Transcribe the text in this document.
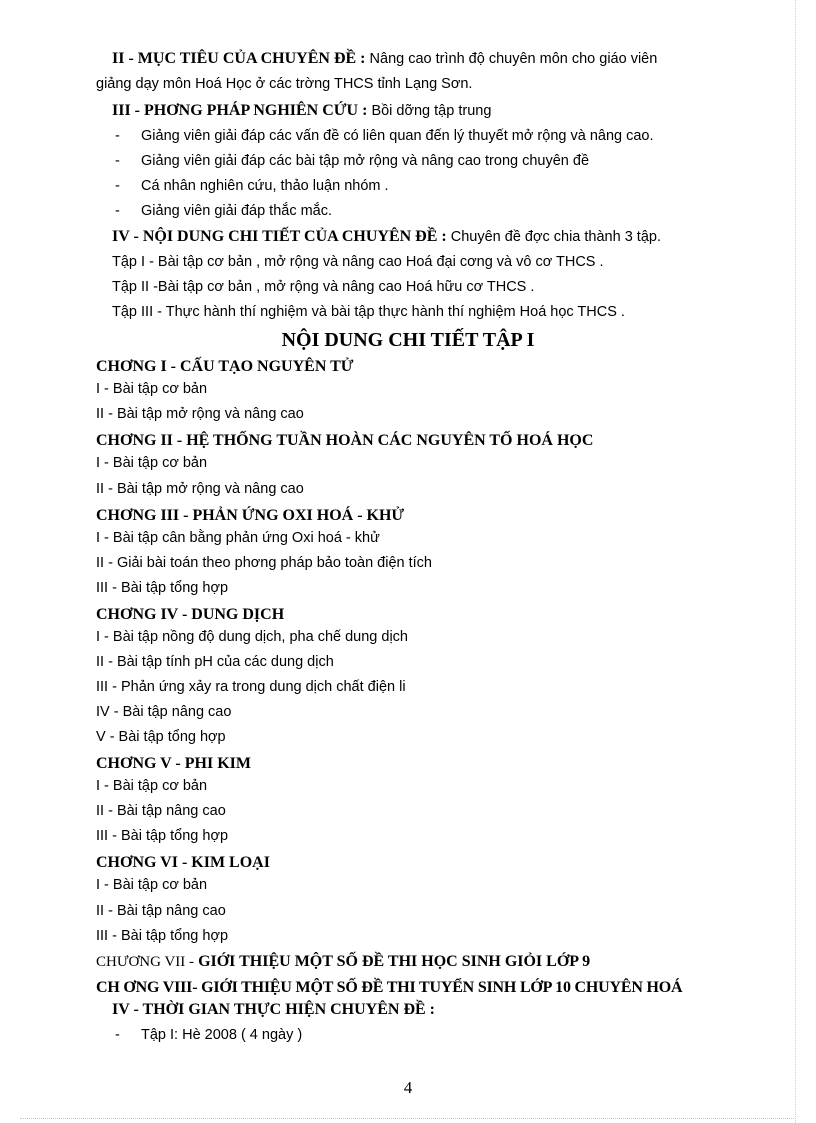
II - MỤC TIÊU CỦA CHUYÊN ĐỀ : Nâng cao trình độ chuyên môn cho giáo viên
giảng dạy môn Hoá Học ở các trờng THCS tỉnh Lạng Sơn.
III - PHƠNG PHÁP NGHIÊN CỨU : Bồi dỡng tập trung
- Giảng viên giải đáp các vấn đề có liên quan đến lý thuyết mở rộng và nâng cao.
- Giảng viên giải đáp các bài tập mở rộng và nâng cao trong chuyên đề
- Cá nhân nghiên cứu, thảo luận nhóm .
- Giảng viên giải đáp thắc mắc.
IV - NỘI DUNG CHI TIẾT CỦA CHUYÊN ĐỀ : Chuyên đề đợc chia thành 3 tập.
Tập I - Bài tập cơ bản , mở rộng và nâng cao Hoá đại cơng và vô cơ THCS .
Tập II -Bài tập cơ bản , mở rộng và nâng cao Hoá hữu cơ THCS .
Tập III - Thực hành thí nghiệm và bài tập thực hành thí nghiệm Hoá học THCS .
NỘI DUNG CHI TIẾT TẬP I
CHƠNG I - CẤU TẠO NGUYÊN TỬ
I - Bài tập cơ bản
II - Bài tập mở rộng và nâng cao
CHƠNG II - HỆ THỐNG TUẦN HOÀN CÁC NGUYÊN TỐ HOÁ HỌC
I - Bài tập cơ bản
II - Bài tập mở rộng và nâng cao
CHƠNG III - PHẢN ỨNG OXI HOÁ - KHỬ
I - Bài tập cân bằng phản ứng Oxi hoá - khử
II - Giải bài toán theo phơng pháp bảo toàn điện tích
III - Bài tập tổng hợp
CHƠNG IV - DUNG DỊCH
I - Bài tập nồng độ dung dịch, pha chế dung dịch
II - Bài tập tính pH của các dung dịch
III - Phản ứng xảy ra trong dung dịch chất điện li
IV - Bài tập nâng cao
V - Bài tập tổng hợp
CHƠNG V - PHI KIM
I - Bài tập cơ bản
II - Bài tập nâng cao
III - Bài tập tổng hợp
CHƠNG VI - KIM LOẠI
I - Bài tập cơ bản
II - Bài tập nâng cao
III - Bài tập tổng hợp
CHƯƠNG VII - GIỚI THIỆU MỘT SỐ ĐỀ THI HỌC SINH GIỎI LỚP 9
CH ƠNG VIII- GIỚI THIỆU MỘT SỐ ĐỀ THI TUYỂN SINH LỚP 10 CHUYÊN HOÁ
IV - THỜI GIAN THỰC HIỆN CHUYÊN ĐỀ :
- Tập I: Hè 2008 ( 4 ngày )
4
